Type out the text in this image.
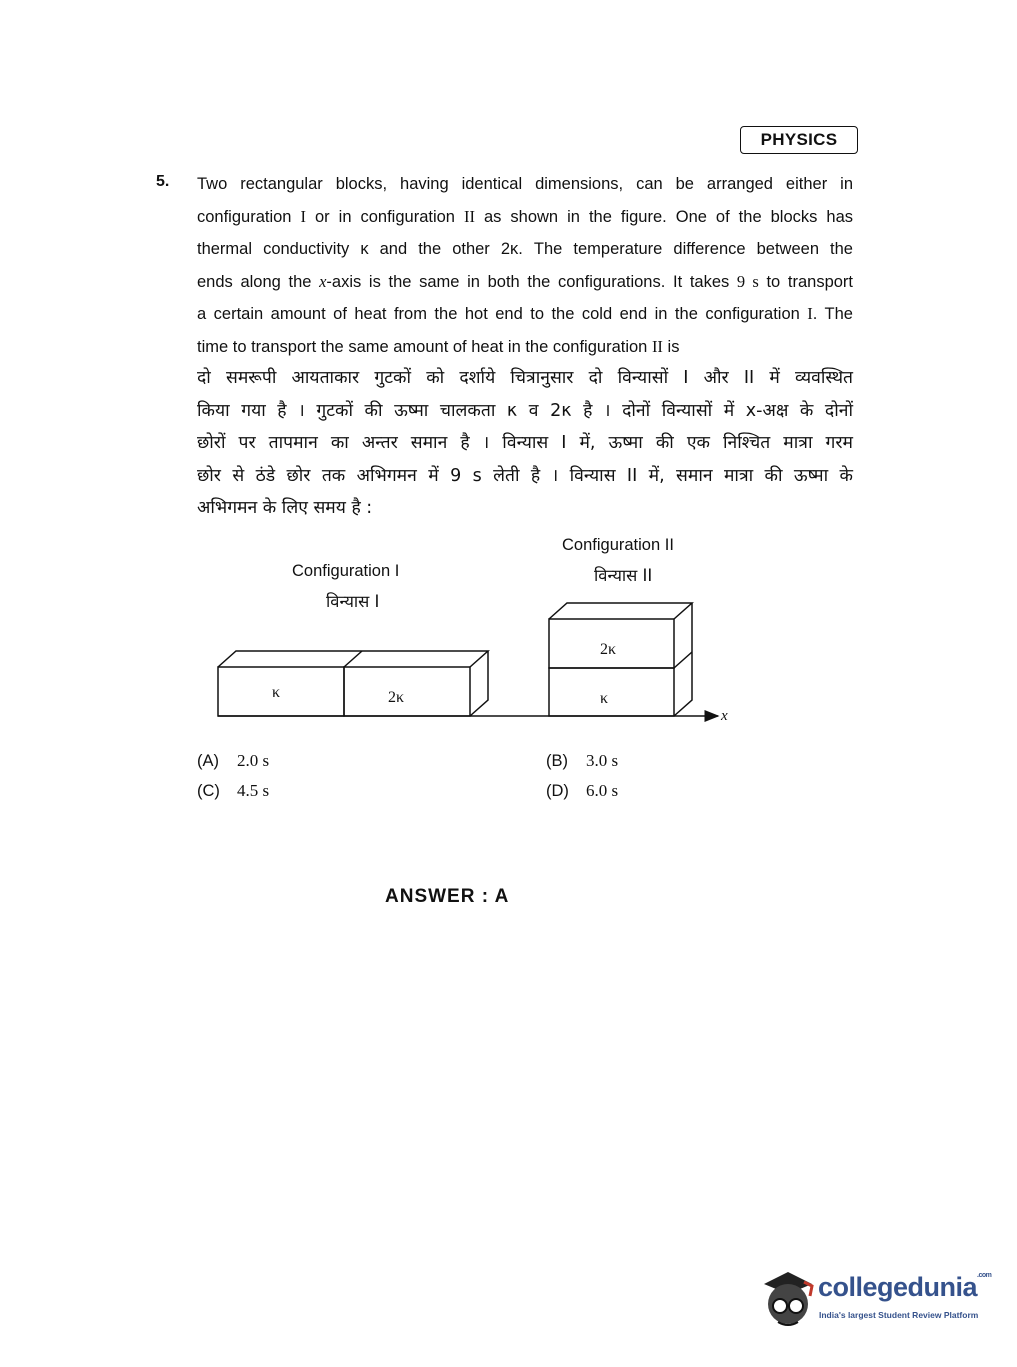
PHYSICS
5. Two rectangular blocks, having identical dimensions, can be arranged either in
configuration I or in configuration II as shown in the figure. One of the blocks has
thermal conductivity κ and the other 2κ. The temperature difference between the
ends along the x-axis is the same in both the configurations. It takes 9 s to transport
a certain amount of heat from the hot end to the cold end in the configuration I. The
time to transport the same amount of heat in the configuration II is
दो समरूपी आयताकार गुटकों को दर्शाये चित्रानुसार दो विन्यासों I और II में व्यवस्थित
किया गया है । गुटकों की ऊष्मा चालकता κ व 2κ है । दोनों विन्यासों में x-अक्ष के दोनों
छोरों पर तापमान का अन्तर समान है । विन्यास I में, ऊष्मा की एक निश्चित मात्रा गरम
छोर से ठंडे छोर तक अभिगमन में 9 s लेती है । विन्यास II में, समान मात्रा की ऊष्मा के
अभिगमन के लिए समय है :
Configuration I
विन्यास I
Configuration II
विन्यास II
κ	2κ
2κ
κ
x
(A) 2.0 s	(B) 3.0 s
(C) 4.5 s	(D) 6.0 s
ANSWER : A
collegedunia$^{.com}$
India's largest Student Review Platform
